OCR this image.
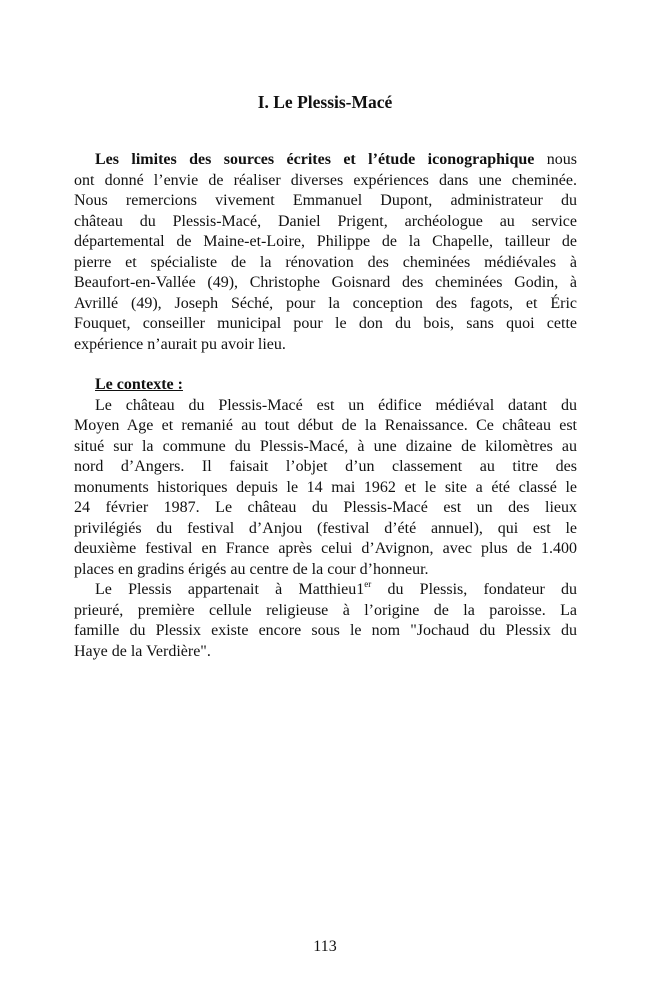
I. Le Plessis-Macé
Les limites des sources écrites et l’étude iconographique nous
ont donné l’envie de réaliser diverses expériences dans une cheminée.
Nous remercions vivement Emmanuel Dupont, administrateur du
château du Plessis-Macé, Daniel Prigent, archéologue au service
départemental de Maine-et-Loire, Philippe de la Chapelle, tailleur de
pierre et spécialiste de la rénovation des cheminées médiévales à
Beaufort-en-Vallée (49), Christophe Goisnard des cheminées Godin, à
Avrillé (49), Joseph Séché, pour la conception des fagots, et Éric
Fouquet, conseiller municipal pour le don du bois, sans quoi cette
expérience n’aurait pu avoir lieu.
Le contexte :
Le château du Plessis-Macé est un édifice médiéval datant du
Moyen Age et remanié au tout début de la Renaissance. Ce château est
situé sur la commune du Plessis-Macé, à une dizaine de kilomètres au
nord d’Angers. Il faisait l’objet d’un classement au titre des
monuments historiques depuis le 14 mai 1962 et le site a été classé le
24 février 1987. Le château du Plessis-Macé est un des lieux
privilégiés du festival d’Anjou (festival d’été annuel), qui est le
deuxième festival en France après celui d’Avignon, avec plus de 1.400
places en gradins érigés au centre de la cour d’honneur.
Le Plessis appartenait à Matthieu1er du Plessis, fondateur du
prieuré, première cellule religieuse à l’origine de la paroisse. La
famille du Plessix existe encore sous le nom "Jochaud du Plessix du
Haye de la Verdière".
113
